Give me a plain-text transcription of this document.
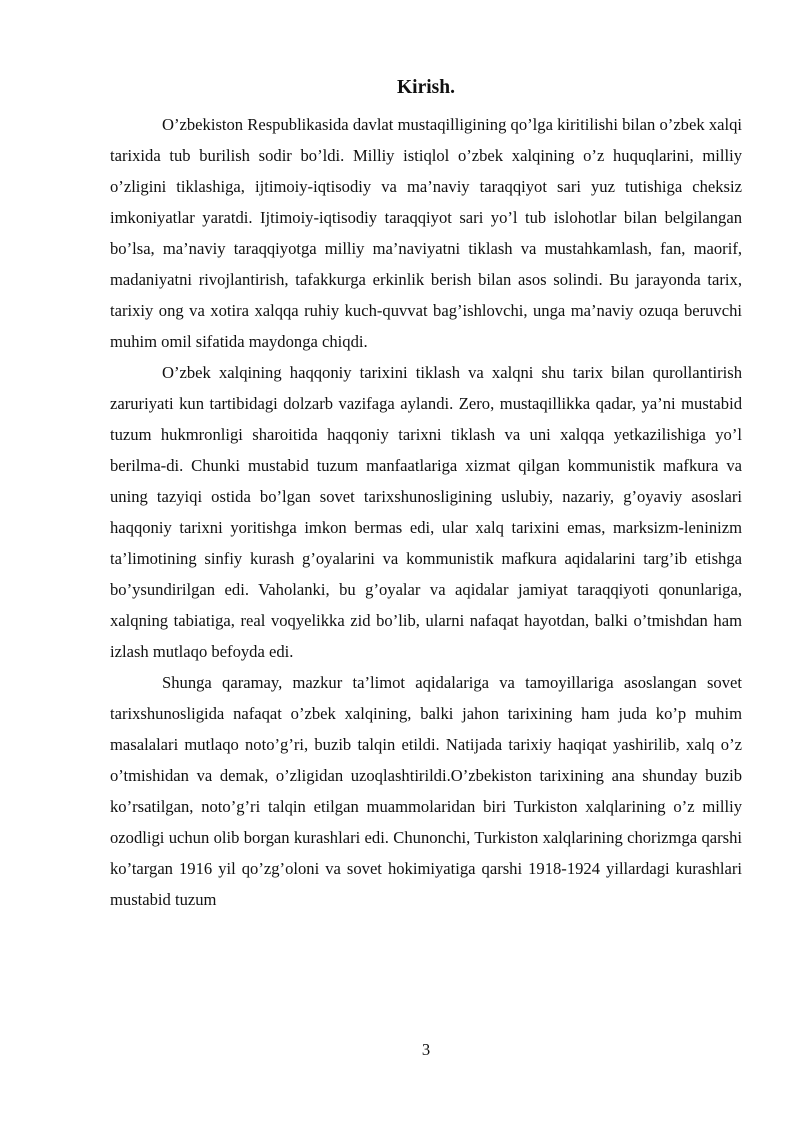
Kirish.

O’zbekiston Respublikasida davlat mustaqilligining qo’lga kiritilishi bilan o’zbek xalqi tarixida tub burilish sodir bo’ldi. Milliy istiqlol o’zbek xalqining o’z huquqlarini, milliy o’zligini tiklashiga, ijtimoiy-iqtisodiy va ma’naviy taraqqiyot sari yuz tutishiga cheksiz imkoniyatlar yaratdi. Ijtimoiy-iqtisodiy taraqqiyot sari yo’l tub islohotlar bilan belgilangan bo’lsa, ma’naviy taraqqiyotga milliy ma’naviyatni tiklash va mustahkamlash, fan, maorif, madaniyatni rivojlantirish, tafakkurga erkinlik berish bilan asos solindi. Bu jarayonda tarix, tarixiy ong va xotira xalqqa ruhiy kuch-quvvat bag’ishlovchi, unga ma’naviy ozuqa beruvchi muhim omil sifatida maydonga chiqdi.

O’zbek xalqining haqqoniy tarixini tiklash va xalqni shu tarix bilan qurollantirish zaruriyati kun tartibidagi dolzarb vazifaga aylandi. Zero, mustaqillikka qadar, ya’ni mustabid tuzum hukmronligi sharoitida haqqoniy tarixni tiklash va uni xalqqa yetkazilishiga yo’l berilma-di. Chunki mustabid tuzum manfaatlariga xizmat qilgan kommunistik mafkura va uning tazyiqi ostida bo’lgan sovet tarixshunosligining uslubiy, nazariy, g’oyaviy asoslari haqqoniy tarixni yoritishga imkon bermas edi, ular xalq tarixini emas, marksizm-leninizm ta’limotining sinfiy kurash g’oyalarini va kommunistik mafkura aqidalarini targ’ib etishga bo’ysundirilgan edi. Vaholanki, bu g’oyalar va aqidalar jamiyat taraqqiyoti qonunlariga, xalqning tabiatiga, real voqyelikka zid bo’lib, ularni nafaqat hayotdan, balki o’tmishdan ham izlash mutlaqo befoyda edi.

Shunga qaramay, mazkur ta’limot aqidalariga va tamoyillariga asoslangan sovet tarixshunosligida nafaqat o’zbek xalqining, balki jahon tarixining ham juda ko’p muhim masalalari mutlaqo noto’g’ri, buzib talqin etildi. Natijada tarixiy haqiqat yashirilib, xalq o’z o’tmishidan va demak, o’zligidan uzoqlashtirildi.O’zbekiston tarixining ana shunday buzib ko’rsatilgan, noto’g’ri talqin etilgan muammolaridan biri Turkiston xalqlarining o’z milliy ozodligi uchun olib borgan kurashlari edi. Chunonchi, Turkiston xalqlarining chorizmga qarshi ko’targan 1916 yil qo’zg’oloni va sovet hokimiyatiga qarshi 1918-1924 yillardagi kurashlari mustabid tuzum

3
